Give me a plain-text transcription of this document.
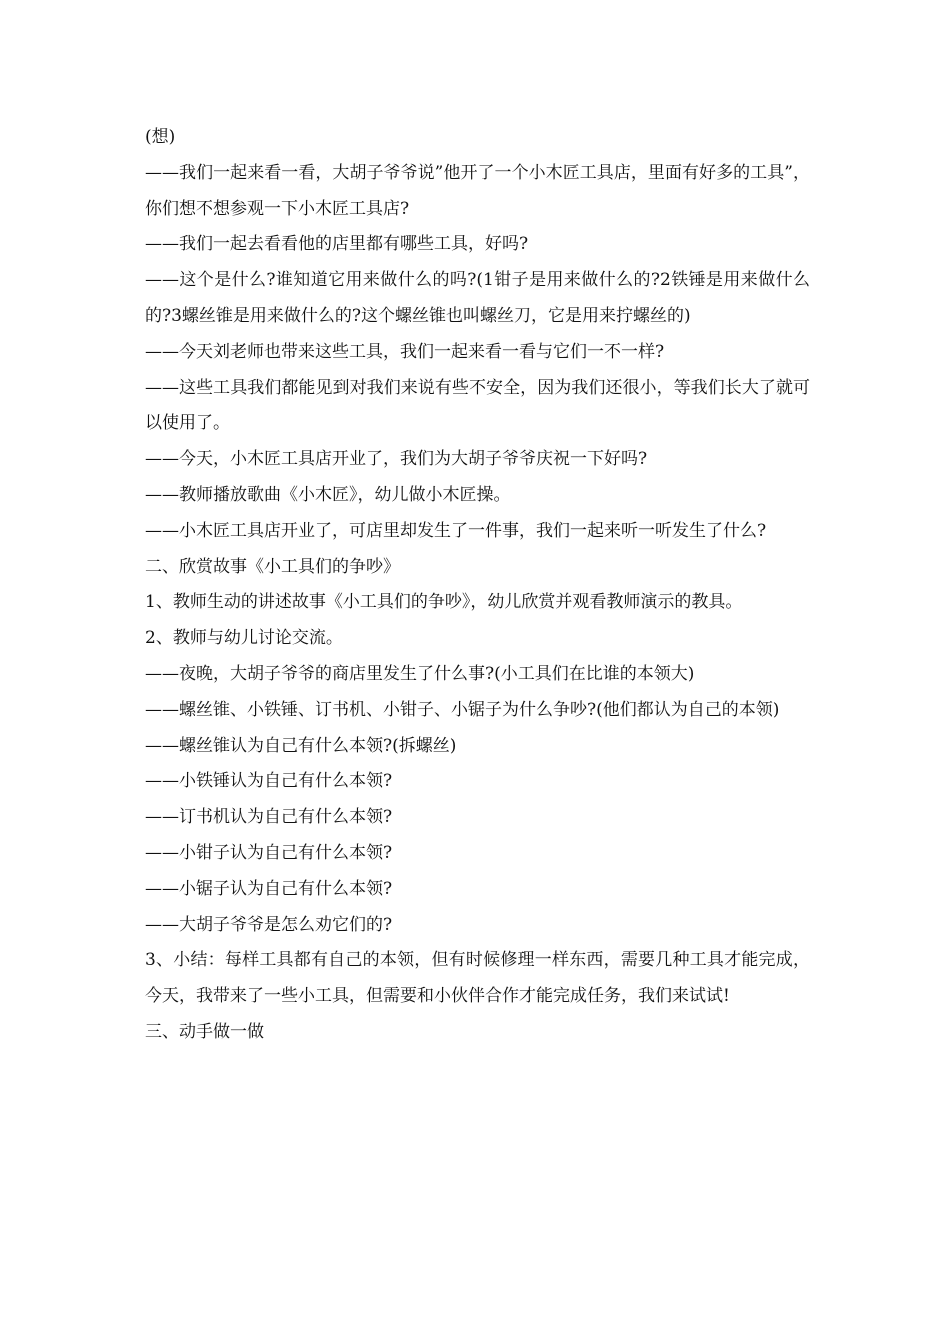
(想)

——我们一起来看一看，大胡子爷爷说”他开了一个小木匠工具店，里面有好多的工具”，你们想不想参观一下小木匠工具店?

——我们一起去看看他的店里都有哪些工具，好吗?

——这个是什么?谁知道它用来做什么的吗?(1钳子是用来做什么的?2铁锤是用来做什么的?3螺丝锥是用来做什么的?这个螺丝锥也叫螺丝刀，它是用来拧螺丝的)

——今天刘老师也带来这些工具，我们一起来看一看与它们一不一样?

——这些工具我们都能见到对我们来说有些不安全，因为我们还很小，等我们长大了就可以使用了。

——今天，小木匠工具店开业了，我们为大胡子爷爷庆祝一下好吗?

——教师播放歌曲《小木匠》，幼儿做小木匠操。

——小木匠工具店开业了，可店里却发生了一件事，我们一起来听一听发生了什么?

二、欣赏故事《小工具们的争吵》

1、教师生动的讲述故事《小工具们的争吵》，幼儿欣赏并观看教师演示的教具。

2、教师与幼儿讨论交流。

——夜晚，大胡子爷爷的商店里发生了什么事?(小工具们在比谁的本领大)

——螺丝锥、小铁锤、订书机、小钳子、小锯子为什么争吵?(他们都认为自己的本领)

——螺丝锥认为自己有什么本领?(拆螺丝)

——小铁锤认为自己有什么本领?

——订书机认为自己有什么本领?

——小钳子认为自己有什么本领?

——小锯子认为自己有什么本领?

——大胡子爷爷是怎么劝它们的?

3、小结：每样工具都有自己的本领，但有时候修理一样东西，需要几种工具才能完成，今天，我带来了一些小工具，但需要和小伙伴合作才能完成任务，我们来试试!

三、动手做一做
